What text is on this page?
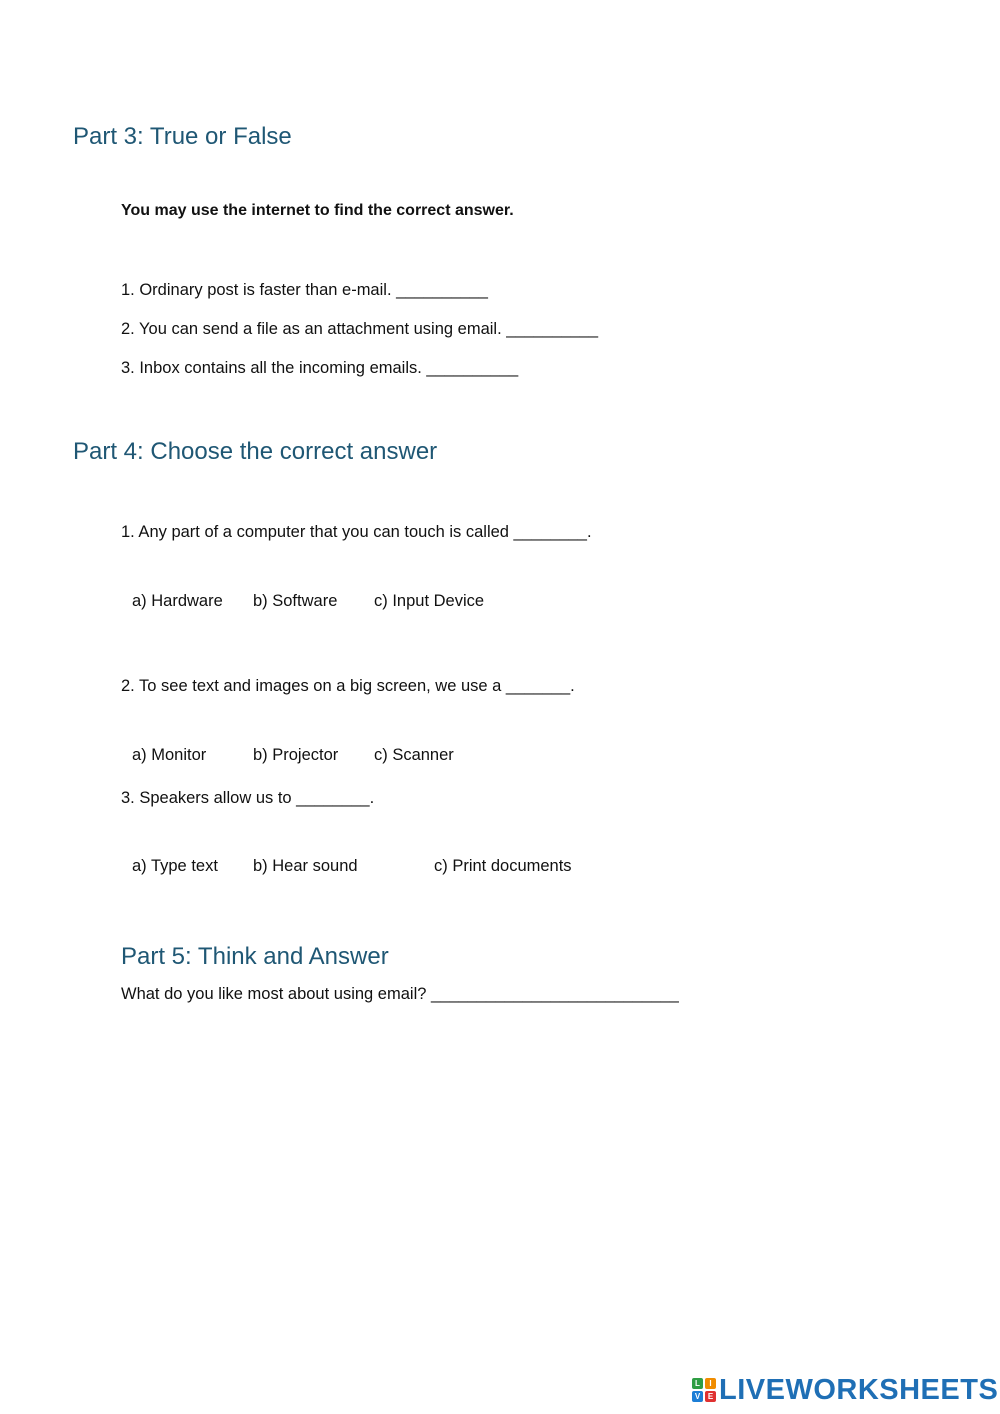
Part 3: True or False
You may use the internet to find the correct answer.
1. Ordinary post is faster than e-mail. __________
2. You can send a file as an attachment using email. __________
3. Inbox contains all the incoming emails. __________
Part 4: Choose the correct answer
1. Any part of a computer that you can touch is called ________.
a) Hardware b) Software c) Input Device
2. To see text and images on a big screen, we use a _______.
a) Monitor	b) Projector c) Scanner
3. Speakers allow us to ________.
a) Type text b) Hear sound	c) Print documents
Part 5: Think and Answer
What do you like most about using email? ___________________________
L	I
V E LIVEWORKSHEETS
